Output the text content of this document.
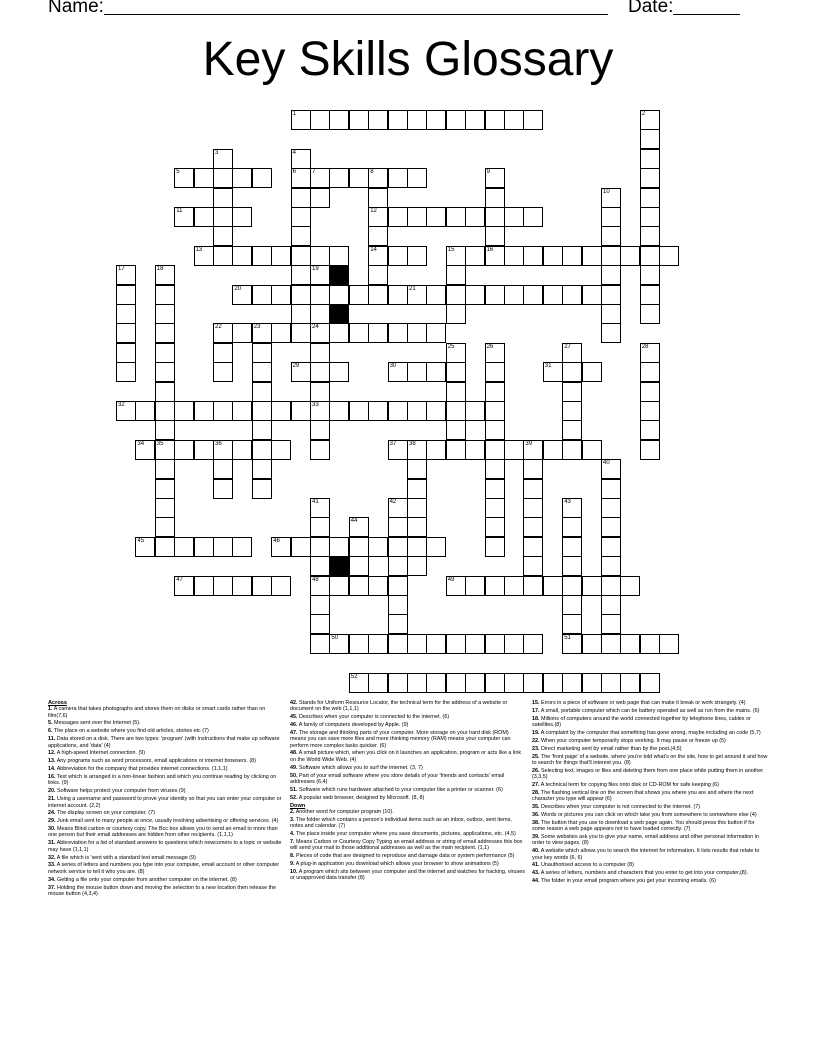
Name:	Date:
Key Skills Glossary
1
5	6	7	8
11	12
13	14	15	16
20	21
22	23	24
29	30	31
32	33
34 35	36	37 38	39
45	46
47	48	49
50	51
52
2
3	4
9
10
17	18	19
25	26	27	28
40
41	42	43
44
Across
1. A camera that takes photographs and stores them on disks or smart cards rather than on film(7,6)
5. Messages sent over the Internet (5).
6. The place on a website where you find old articles, stories etc (7)
11. Data stored on a disk. There are two types: 'program' (with instructions that make up software applications, and 'data' (4)
12. A high-speed Internet connection. (9)
13. Any programs such as word processors, email applications or internet browsers. (8)
14. Abbreviation for the company that provides internet connections. (1,1,1)
16. Text which is arranged in a non-linear fashion and which you continue reading by clicking on links. (9)
20. Software helps protect your computer from viruses (9)
21. Using a username and password to prove your identity so that you can enter your computer or internet account. (2,2)
24. The display screen on your computer. (7)
29. Junk email sent to many people at once, usually involving advertising or offering services. (4)
30. Means Blind carbon or courtesy copy. The Bcc box allows you to send an email to more than one person but their email addresses are hidden from other recipients. (1,1,1)
31. Abbreviation for a list of standard answers to questions which newcomers to a topic or website may have (1,1,1)
32. A file which is 'sent with a standard text email message (9)
33. A series of letters and numbers you type into your computer, email account or other computer network service to tell it who you are. (8)
34. Getting a file onto your computer from another computer on the internet. (8)
37. Holding the mouse button down and moving the selection to a new location then release the mouse button (4,3,4)
42. Stands for Uniform Resource Locator, the technical term for the address of a website or document on the web (1,1,1)
45. Describes when your computer is connected to the internet. (6)
46. A family of computers developed by Apple. (9)
47. The storage and thinking parts of your computer. More storage on your hard disk (ROM) means you can save more files and more thinking memory (RAM) means your computer can perform more complex tasks quicker. (6)
48. A small picture which, when you click on it launches an application, program or acts like a link on the World Wide Web. (4)
49. Software which allows you to surf the internet. (3, 7)
50. Part of your email software where you store details of your 'friends and contacts' email addresses (6,4)
51. Software which runs hardware attached to your computer like a printer or scanner. (6)
52. A popular web browser, designed by Microsoft. (8, 8)
Down
2. Another word for computer program (10).
3. The folder which contains a person's individual items such as an inbox, outbox, sent items, notes and calendar. (7)
4. The place inside your computer where you save documents, pictures, applications, etc. (4,5)
7. Means Carbon or Courtesy Copy Typing an email address or string of email addresses this box will send your mail to those additional addresses as well as the main recipient. (1,1)
8. Pieces of code that are designed to reproduce and damage data or system performance (5)
9. A plug-in application you download which allows your browser to show animations (5)
10. A program which sits between your computer and the internet and watches for hacking, viruses or unapproved data transfer (8)
15. Errors in a piece of software or web page that can make it break or work strangely. (4)
17. A small, portable computer which can be battery operated as well as run from the mains. (6)
18. Millions of computers around the world connected together by telephone lines, cables or satellites.(8)
19. A complaint by the computer that something has gone wrong, maybe including an code (5,7)
22. When your computer temporarily stops working. It may pause or freeze up (5)
23. Direct marketing sent by email rather than by the post.(4,5)
25. The 'front page' of a website, where you're told what's on the site, how to get around it and how to search for things that'll interest you. (8)
26. Selecting text, images or files and deleting them from one place while putting them in another (3,3,5)
27. A technical term for copying files onto disk or CD-ROM for safe keeping (6)
28. The flashing vertical line on the screen that shows you where you are and where the next character you type will appear (6)
35. Describes when your computer is not connected to the internet. (7)
36. Words or pictures you can click on which take you from somewhere to somewhere else (4)
38. The button that you use to download a web page again. You should press this button if for some reason a web page appears not to have loaded correctly. (7)
39. Some websites ask you to give your name, email address and other personal information in order to view pages. (8)
40. A website which allows you to search the internet for information. It lists results that relate to your key words (6, 6)
41. Unauthorised access to a computer (8)
43. A series of letters, numbers and characters that you enter to get into your computer,(8).
44. The folder in your email program where you get your incoming emails. (6)
